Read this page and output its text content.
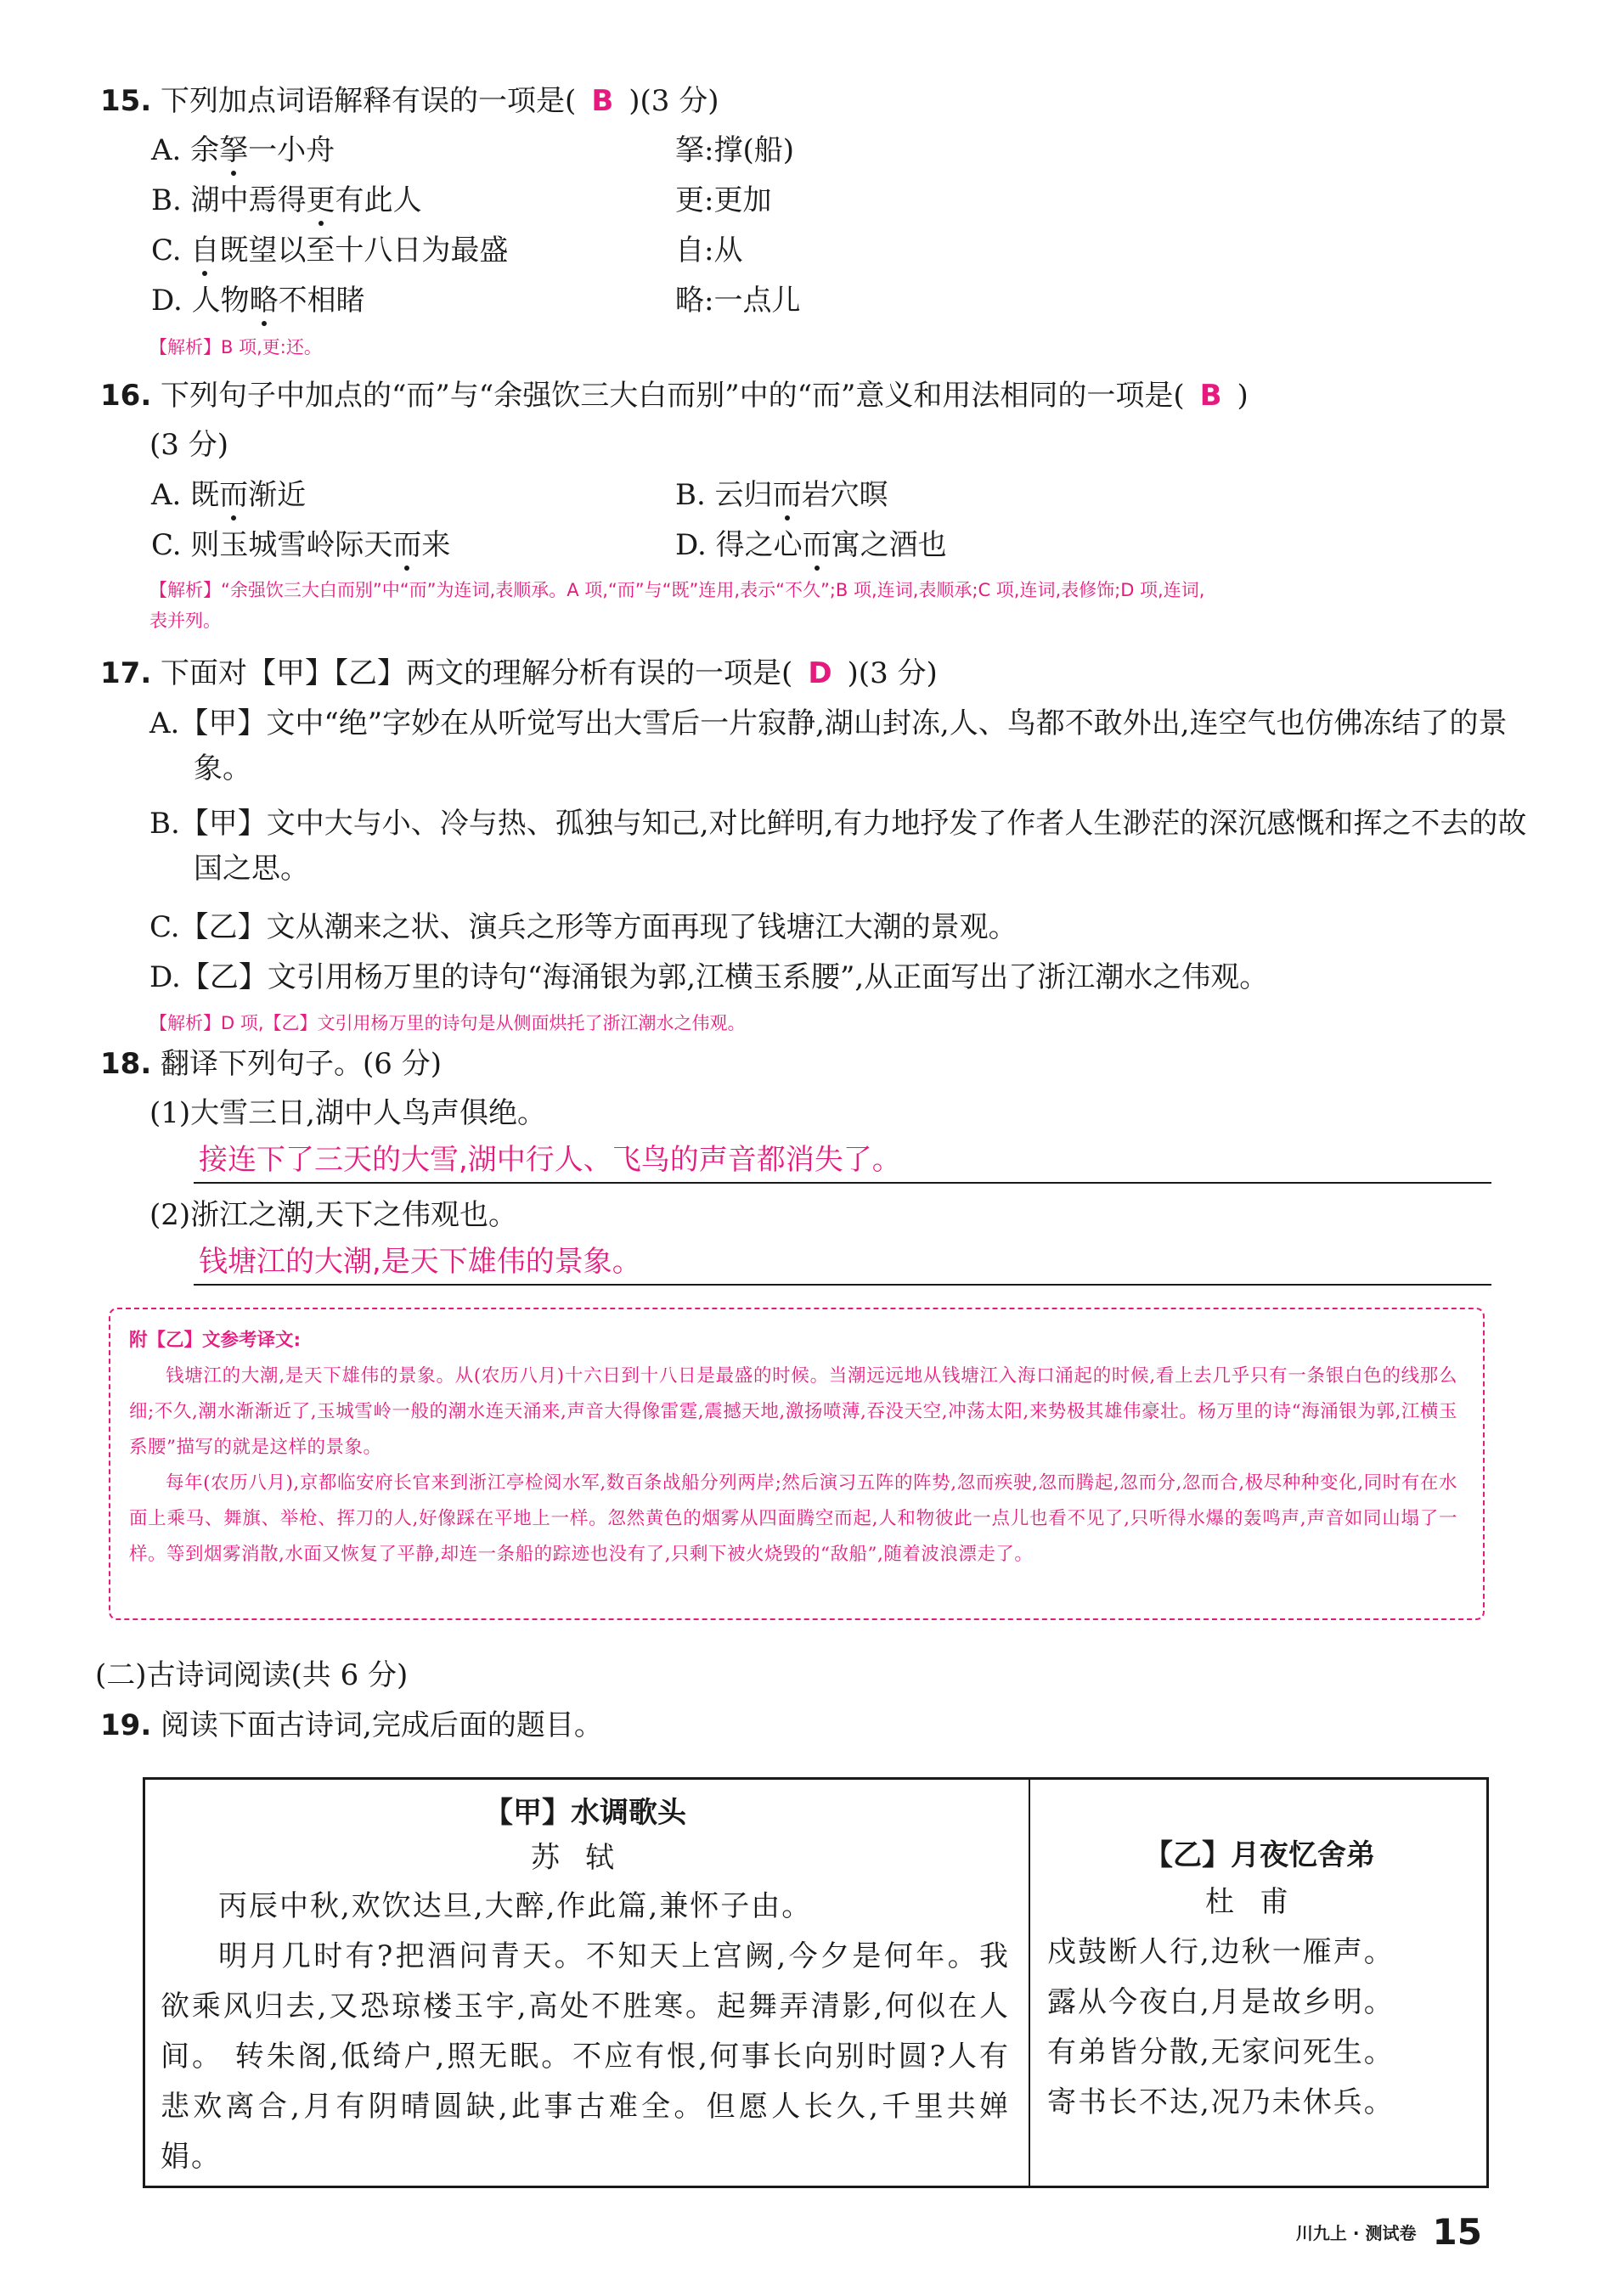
15. 下列加点词语解释有误的一项是( B )(3 分)
A. 余拏一小舟	拏:撑(船)
B. 湖中焉得更有此人	更:更加
C. 自既望以至十八日为最盛	自:从
D. 人物略不相睹	略:一点儿
【解析】B 项,更:还。
16. 下列句子中加点的“而”与“余强饮三大白而别”中的“而”意义和用法相同的一项是( B )
(3 分)
A. 既而渐近	B. 云归而岩穴暝
C. 则玉城雪岭际天而来	D. 得之心而寓之酒也
【解析】“余强饮三大白而别”中“而”为连词,表顺承。A 项,“而”与“既”连用,表示“不久”;B 项,连词,表顺承;C 项,连词,表修饰;D 项,连词,
表并列。
17. 下面对【甲】【乙】两文的理解分析有误的一项是( D )(3 分)
A.【甲】文中“绝”字妙在从听觉写出大雪后一片寂静,湖山封冻,人、鸟都不敢外出,连空气也仿佛冻结了的景象。
B.【甲】文中大与小、冷与热、孤独与知己,对比鲜明,有力地抒发了作者人生渺茫的深沉感慨和挥之不去的故国之思。
C.【乙】文从潮来之状、演兵之形等方面再现了钱塘江大潮的景观。
D.【乙】文引用杨万里的诗句“海涌银为郭,江横玉系腰”,从正面写出了浙江潮水之伟观。
【解析】D 项,【乙】文引用杨万里的诗句是从侧面烘托了浙江潮水之伟观。
18. 翻译下列句子。(6 分)
(1)大雪三日,湖中人鸟声俱绝。
接连下了三天的大雪,湖中行人、飞鸟的声音都消失了。
(2)浙江之潮,天下之伟观也。
钱塘江的大潮,是天下雄伟的景象。
附【乙】文参考译文:

钱塘江的大潮,是天下雄伟的景象。从(农历八月)十六日到十八日是最盛的时候。当潮远远地从钱塘江入海口涌起的时候,看上去几乎只有一条银白色的线那么细;不久,潮水渐渐近了,玉城雪岭一般的潮水连天涌来,声音大得像雷霆,震撼天地,激扬喷薄,吞没天空,冲荡太阳,来势极其雄伟豪壮。杨万里的诗“海涌银为郭,江横玉系腰”描写的就是这样的景象。

每年(农历八月),京都临安府长官来到浙江亭检阅水军,数百条战船分列两岸;然后演习五阵的阵势,忽而疾驶,忽而腾起,忽而分,忽而合,极尽种种变化,同时有在水面上乘马、舞旗、举枪、挥刀的人,好像踩在平地上一样。忽然黄色的烟雾从四面腾空而起,人和物彼此一点儿也看不见了,只听得水爆的轰鸣声,声音如同山塌了一样。等到烟雾消散,水面又恢复了平静,却连一条船的踪迹也没有了,只剩下被火烧毁的“敌船”,随着波浪漂走了。

(二)古诗词阅读(共 6 分)
19. 阅读下面古诗词,完成后面的题目。
【甲】水调歌头
苏轼

丙辰中秋,欢饮达旦,大醉,作此篇,兼怀子由。

明月几时有?把酒问青天。不知天上宫阙,今夕是何年。我欲乘风归去,又恐琼楼玉宇,高处不胜寒。起舞弄清影,何似在人间。 转朱阁,低绮户,照无眠。不应有恨,何事长向别时圆?人有悲欢离合,月有阴晴圆缺,此事古难全。但愿人长久,千里共婵娟。

【乙】月夜忆舍弟
杜甫
戍鼓断人行,边秋一雁声。
露从今夜白,月是故乡明。
有弟皆分散,无家问死生。
寄书长不达,况乃未休兵。
川九上 · 测试卷 15
